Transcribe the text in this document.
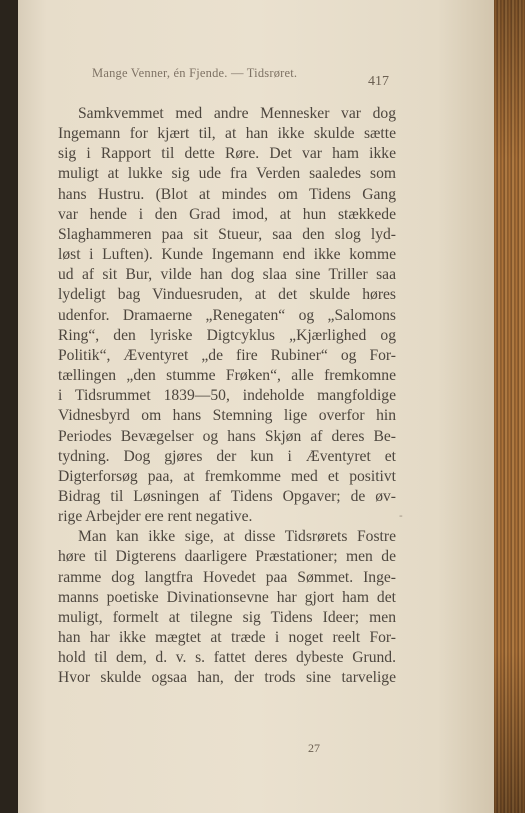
Mange Venner, én Fjende. — Tidsrøret.
417
Samkvemmet med andre Mennesker var dog
Ingemann for kjært til, at han ikke skulde sætte
sig i Rapport til dette Røre. Det var ham ikke
muligt at lukke sig ude fra Verden saaledes som
hans Hustru. (Blot at mindes om Tidens Gang
var hende i den Grad imod, at hun stækkede
Slaghammeren paa sit Stueur, saa den slog lyd-
løst i Luften). Kunde Ingemann end ikke komme
ud af sit Bur, vilde han dog slaa sine Triller saa
lydeligt bag Vinduesruden, at det skulde høres
udenfor. Dramaerne „Renegaten“ og „Salomons
Ring“, den lyriske Digtcyklus „Kjærlighed og
Politik“, Æventyret „de fire Rubiner“ og For-
tællingen „den stumme Frøken“, alle fremkomne
i Tidsrummet 1839—50, indeholde mangfoldige
Vidnesbyrd om hans Stemning lige overfor hin
Periodes Bevægelser og hans Skjøn af deres Be-
tydning. Dog gjøres der kun i Æventyret et
Digterforsøg paa, at fremkomme med et positivt
Bidrag til Løsningen af Tidens Opgaver; de øv-
rige Arbejder ere rent negative.
Man kan ikke sige, at disse Tidsrørets Fostre
høre til Digterens daarligere Præstationer; men de
ramme dog langtfra Hovedet paa Sømmet. Inge-
manns poetiske Divinationsevne har gjort ham det
muligt, formelt at tilegne sig Tidens Ideer; men
han har ikke mægtet at træde i noget reelt For-
hold til dem, d. v. s. fattet deres dybeste Grund.
Hvor skulde ogsaa han, der trods sine tarvelige
-
27
